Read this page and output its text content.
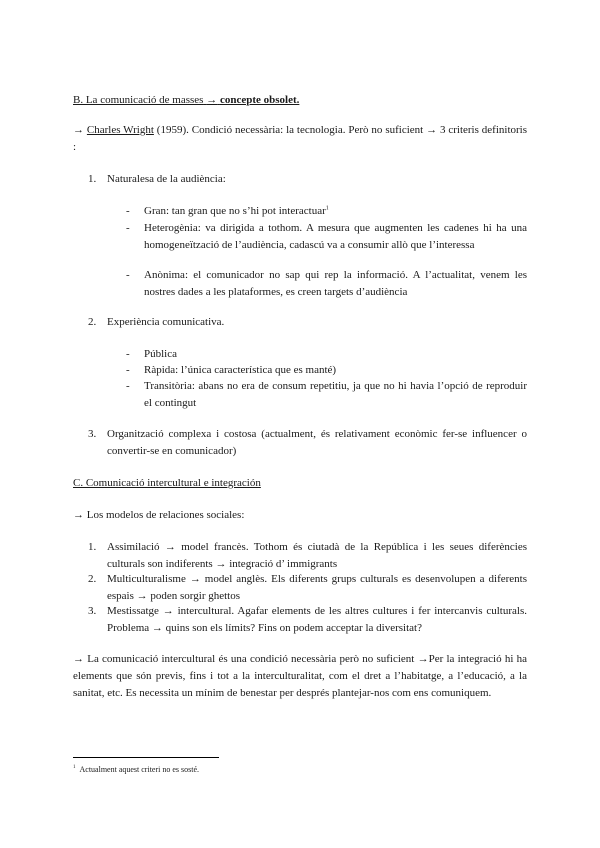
B. La comunicació de masses → concepte obsolet.

→ Charles Wright (1959). Condició necessària: la tecnologia. Però no suficient → 3 criteris definitoris :

1. Naturalesa de la audiència:

-	Gran: tan gran que no s’hi pot interactuar$^1$

-	Heterogènia: va dirigida a tothom. A mesura que augmenten les cadenes hi ha una homogeneïtzació de l’audiència, cadascú va a consumir allò que l’interessa

-	Anònima: el comunicador no sap qui rep la informació. A l’actualitat, venem les nostres dades a les plataformes, es creen targets d’audiència

2. Experiència comunicativa.

-	Pública

-	Ràpida: l’única característica que es manté)

-	Transitòria: abans no era de consum repetitiu, ja que no hi havia l’opció de reproduir el contingut

3. Organització complexa i costosa (actualment, és relativament econòmic fer-se influencer o convertir-se en comunicador)

C. Comunicació intercultural e integración

→ Los modelos de relaciones sociales:

1. Assimilació → model francès. Tothom és ciutadà de la República i les seues diferències culturals son indiferents → integració d’ immigrants

2. Multiculturalisme → model anglès. Els diferents grups culturals es desenvolupen a diferents espais → poden sorgir ghettos

3. Mestissatge → intercultural. Agafar elements de les altres cultures i fer intercanvis culturals. Problema → quins son els límits? Fins on podem acceptar la diversitat?

→ La comunicació intercultural és una condició necessària però no suficient →Per la integració hi ha elements que són previs, fins i tot a la interculturalitat, com el dret a l’habitatge, a l’educació, a la sanitat, etc. Es necessita un mínim de benestar per després plantejar-nos com ens comuniquem.

$^1$ Actualment aquest criteri no es sosté.
